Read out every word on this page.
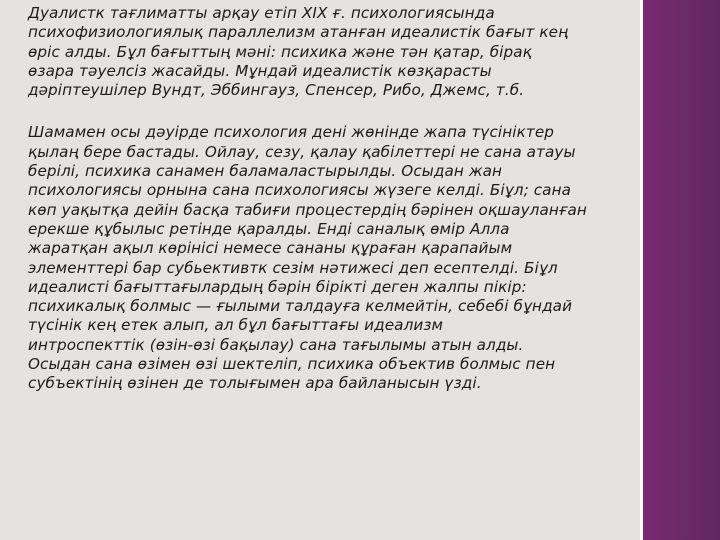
Дуалистк тағлиматты арқау етіп XIX ғ. психологиясында
психофизиологиялық параллелизм атанған идеалистік бағыт кең
өріс алды. Бұл бағыттың мәні: психика және тән қатар, бірақ
өзара тәуелсіз жасайды. Мұндай идеалистік көзқарасты
дәріптеушілер Вундт, Эббингауз, Спенсер, Рибо, Джемс, т.б.

Шамамен осы дәуірде психология дені жөнінде жапа түсініктер
қылаң бере бастады. Ойлау, сезу, қалау қабілеттері не сана атауы
берілі, психика санамен баламаластырылды. Осыдан жан
психологиясы орнына сана психологиясы жүзеге келді. Біұл; сана
көп уақытқа дейін басқа табиғи процестердің бәрінен оқшауланған
ерекше құбылыс ретінде қаралды. Енді саналық өмір Алла
жаратқан ақыл көрінісі немесе сананы құраған қарапайым
элементтері бар субьективтк сезім нәтижесі деп есептелді. Біұл
идеалисті бағыттағылардың бәрін біріктi деген жалпы пікір:
психикалық болмыс — ғылыми талдауға келмейтін, себебі бұндай
түсінік кең етек алып, ал бұл бағыттағы идеализм
интроспекттік (өзін-өзі бақылау) сана тағылымы атын алды.
Осыдан сана өзімен өзі шектеліп, психика объектив болмыс пен
субъектінің өзінен де толығымен ара байланысын үзді.
